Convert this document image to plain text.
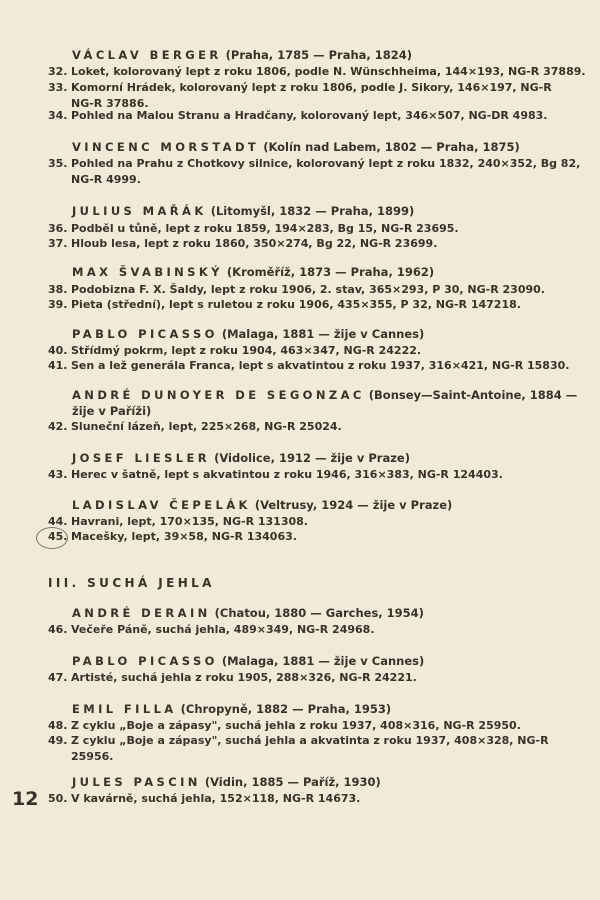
VÁCLAV BERGER (Praha, 1785 — Praha, 1824)
32. Loket, kolorovaný lept z roku 1806, podle N. Wünschheima, 144×193, NG-R 37889.
33. Komorní Hrádek, kolorovaný lept z roku 1806, podle J. Sikory, 146×197, NG-R
NG-R 37886.
34. Pohled na Malou Stranu a Hradčany, kolorovaný lept, 346×507, NG-DR 4983.
VINCENC MORSTADT (Kolín nad Labem, 1802 — Praha, 1875)
35. Pohled na Prahu z Chotkovy silnice, kolorovaný lept z roku 1832, 240×352, Bg 82,
NG-R 4999.
JULIUS MAŘÁK (Litomyšl, 1832 — Praha, 1899)
36. Podběl u tůně, lept z roku 1859, 194×283, Bg 15, NG-R 23695.
37. Hloub lesa, lept z roku 1860, 350×274, Bg 22, NG-R 23699.
MAX ŠVABINSKÝ (Kroměříž, 1873 — Praha, 1962)
38. Podobizna F. X. Šaldy, lept z roku 1906, 2. stav, 365×293, P 30, NG-R 23090.
39. Pieta (střední), lept s ruletou z roku 1906, 435×355, P 32, NG-R 147218.
PABLO PICASSO (Malaga, 1881 — žije v Cannes)
40. Střídmý pokrm, lept z roku 1904, 463×347, NG-R 24222.
41. Sen a lež generála Franca, lept s akvatintou z roku 1937, 316×421, NG-R 15830.
ANDRÉ DUNOYER DE SEGONZAC (Bonsey—Saint-Antoine, 1884 —
žije v Paříži)
42. Sluneční lázeň, lept, 225×268, NG-R 25024.
JOSEF LIESLER (Vidolice, 1912 — žije v Praze)
43. Herec v šatně, lept s akvatintou z roku 1946, 316×383, NG-R 124403.
LADISLAV ČEPELÁK (Veltrusy, 1924 — žije v Praze)
44. Havrani, lept, 170×135, NG-R 131308.
45. Macešky, lept, 39×58, NG-R 134063.
III. SUCHÁ JEHLA
ANDRÉ DERAIN (Chatou, 1880 — Garches, 1954)
46. Večeře Páně, suchá jehla, 489×349, NG-R 24968.
PABLO PICASSO (Malaga, 1881 — žije v Cannes)
47. Artisté, suchá jehla z roku 1905, 288×326, NG-R 24221.
EMIL FILLA (Chropyně, 1882 — Praha, 1953)
48. Z cyklu „Boje a zápasy", suchá jehla z roku 1937, 408×316, NG-R 25950.
49. Z cyklu „Boje a zápasy", suchá jehla a akvatinta z roku 1937, 408×328, NG-R
25956.
JULES PASCIN (Vidin, 1885 — Paříž, 1930)
50. V kavárně, suchá jehla, 152×118, NG-R 14673.
12
